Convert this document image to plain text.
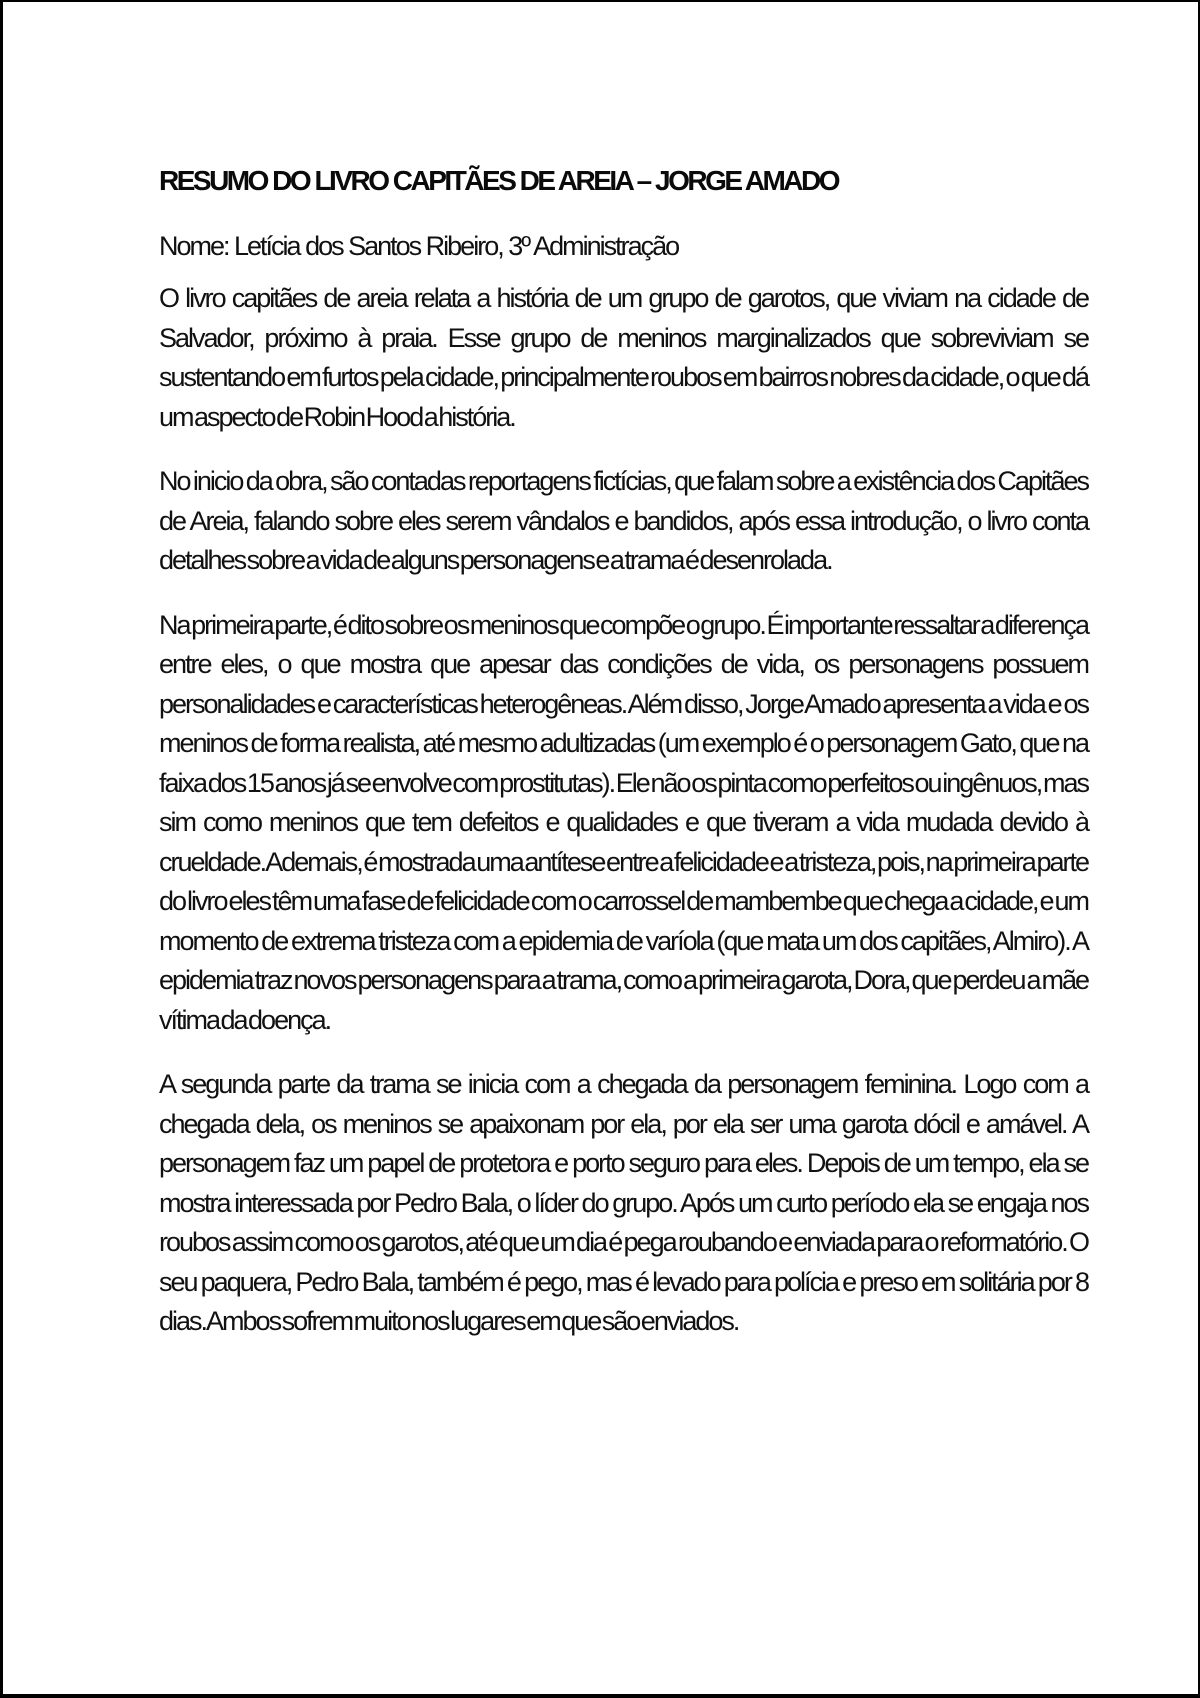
RESUMO DO LIVRO CAPITÃES DE AREIA – JORGE AMADO

Nome: Letícia dos Santos Ribeiro, 3º Administração

O livro capitães de areia relata a história de um grupo de garotos, que viviam na cidade de Salvador, próximo à praia. Esse grupo de meninos marginalizados que sobreviviam se sustentando em furtos pela cidade, principalmente roubos em bairros nobres da cidade, o que dá um aspecto de Robin Hood a história.

No inicio da obra, são contadas reportagens fictícias, que falam sobre a existência dos Capitães de Areia, falando sobre eles serem vândalos e bandidos, após essa introdução, o livro conta detalhes sobre a vida de alguns personagens e a trama é desenrolada.

Na primeira parte, é dito sobre os meninos que compõe o grupo. É importante ressaltar a diferença entre eles, o que mostra que apesar das condições de vida, os personagens possuem personalidades e características heterogêneas. Além disso, Jorge Amado apresenta a vida e os meninos de forma realista, até mesmo adultizadas (um exemplo é o personagem Gato, que na faixa dos 15 anos já se envolve com prostitutas). Ele não os pinta como perfeitos ou ingênuos, mas sim como meninos que tem defeitos e qualidades e que tiveram a vida mudada devido à crueldade. Ademais, é mostrada uma antítese entre a felicidade e a tristeza, pois, na primeira parte do livro eles têm uma fase de felicidade com o carrossel de mambembe que chega a cidade, e um momento de extrema tristeza com a epidemia de varíola (que mata um dos capitães, Almiro). A epidemia traz novos personagens para a trama, como a primeira garota, Dora, que perdeu a mãe vítima da doença.

A segunda parte da trama se inicia com a chegada da personagem feminina. Logo com a chegada dela, os meninos se apaixonam por ela, por ela ser uma garota dócil e amável. A personagem faz um papel de protetora e porto seguro para eles. Depois de um tempo, ela se mostra interessada por Pedro Bala, o líder do grupo. Após um curto período ela se engaja nos roubos assim como os garotos, até que um dia é pega roubando e enviada para o reformatório. O seu paquera, Pedro Bala, também é pego, mas é levado para polícia e preso em solitária por 8 dias. Ambos sofrem muito nos lugares em que são enviados.
